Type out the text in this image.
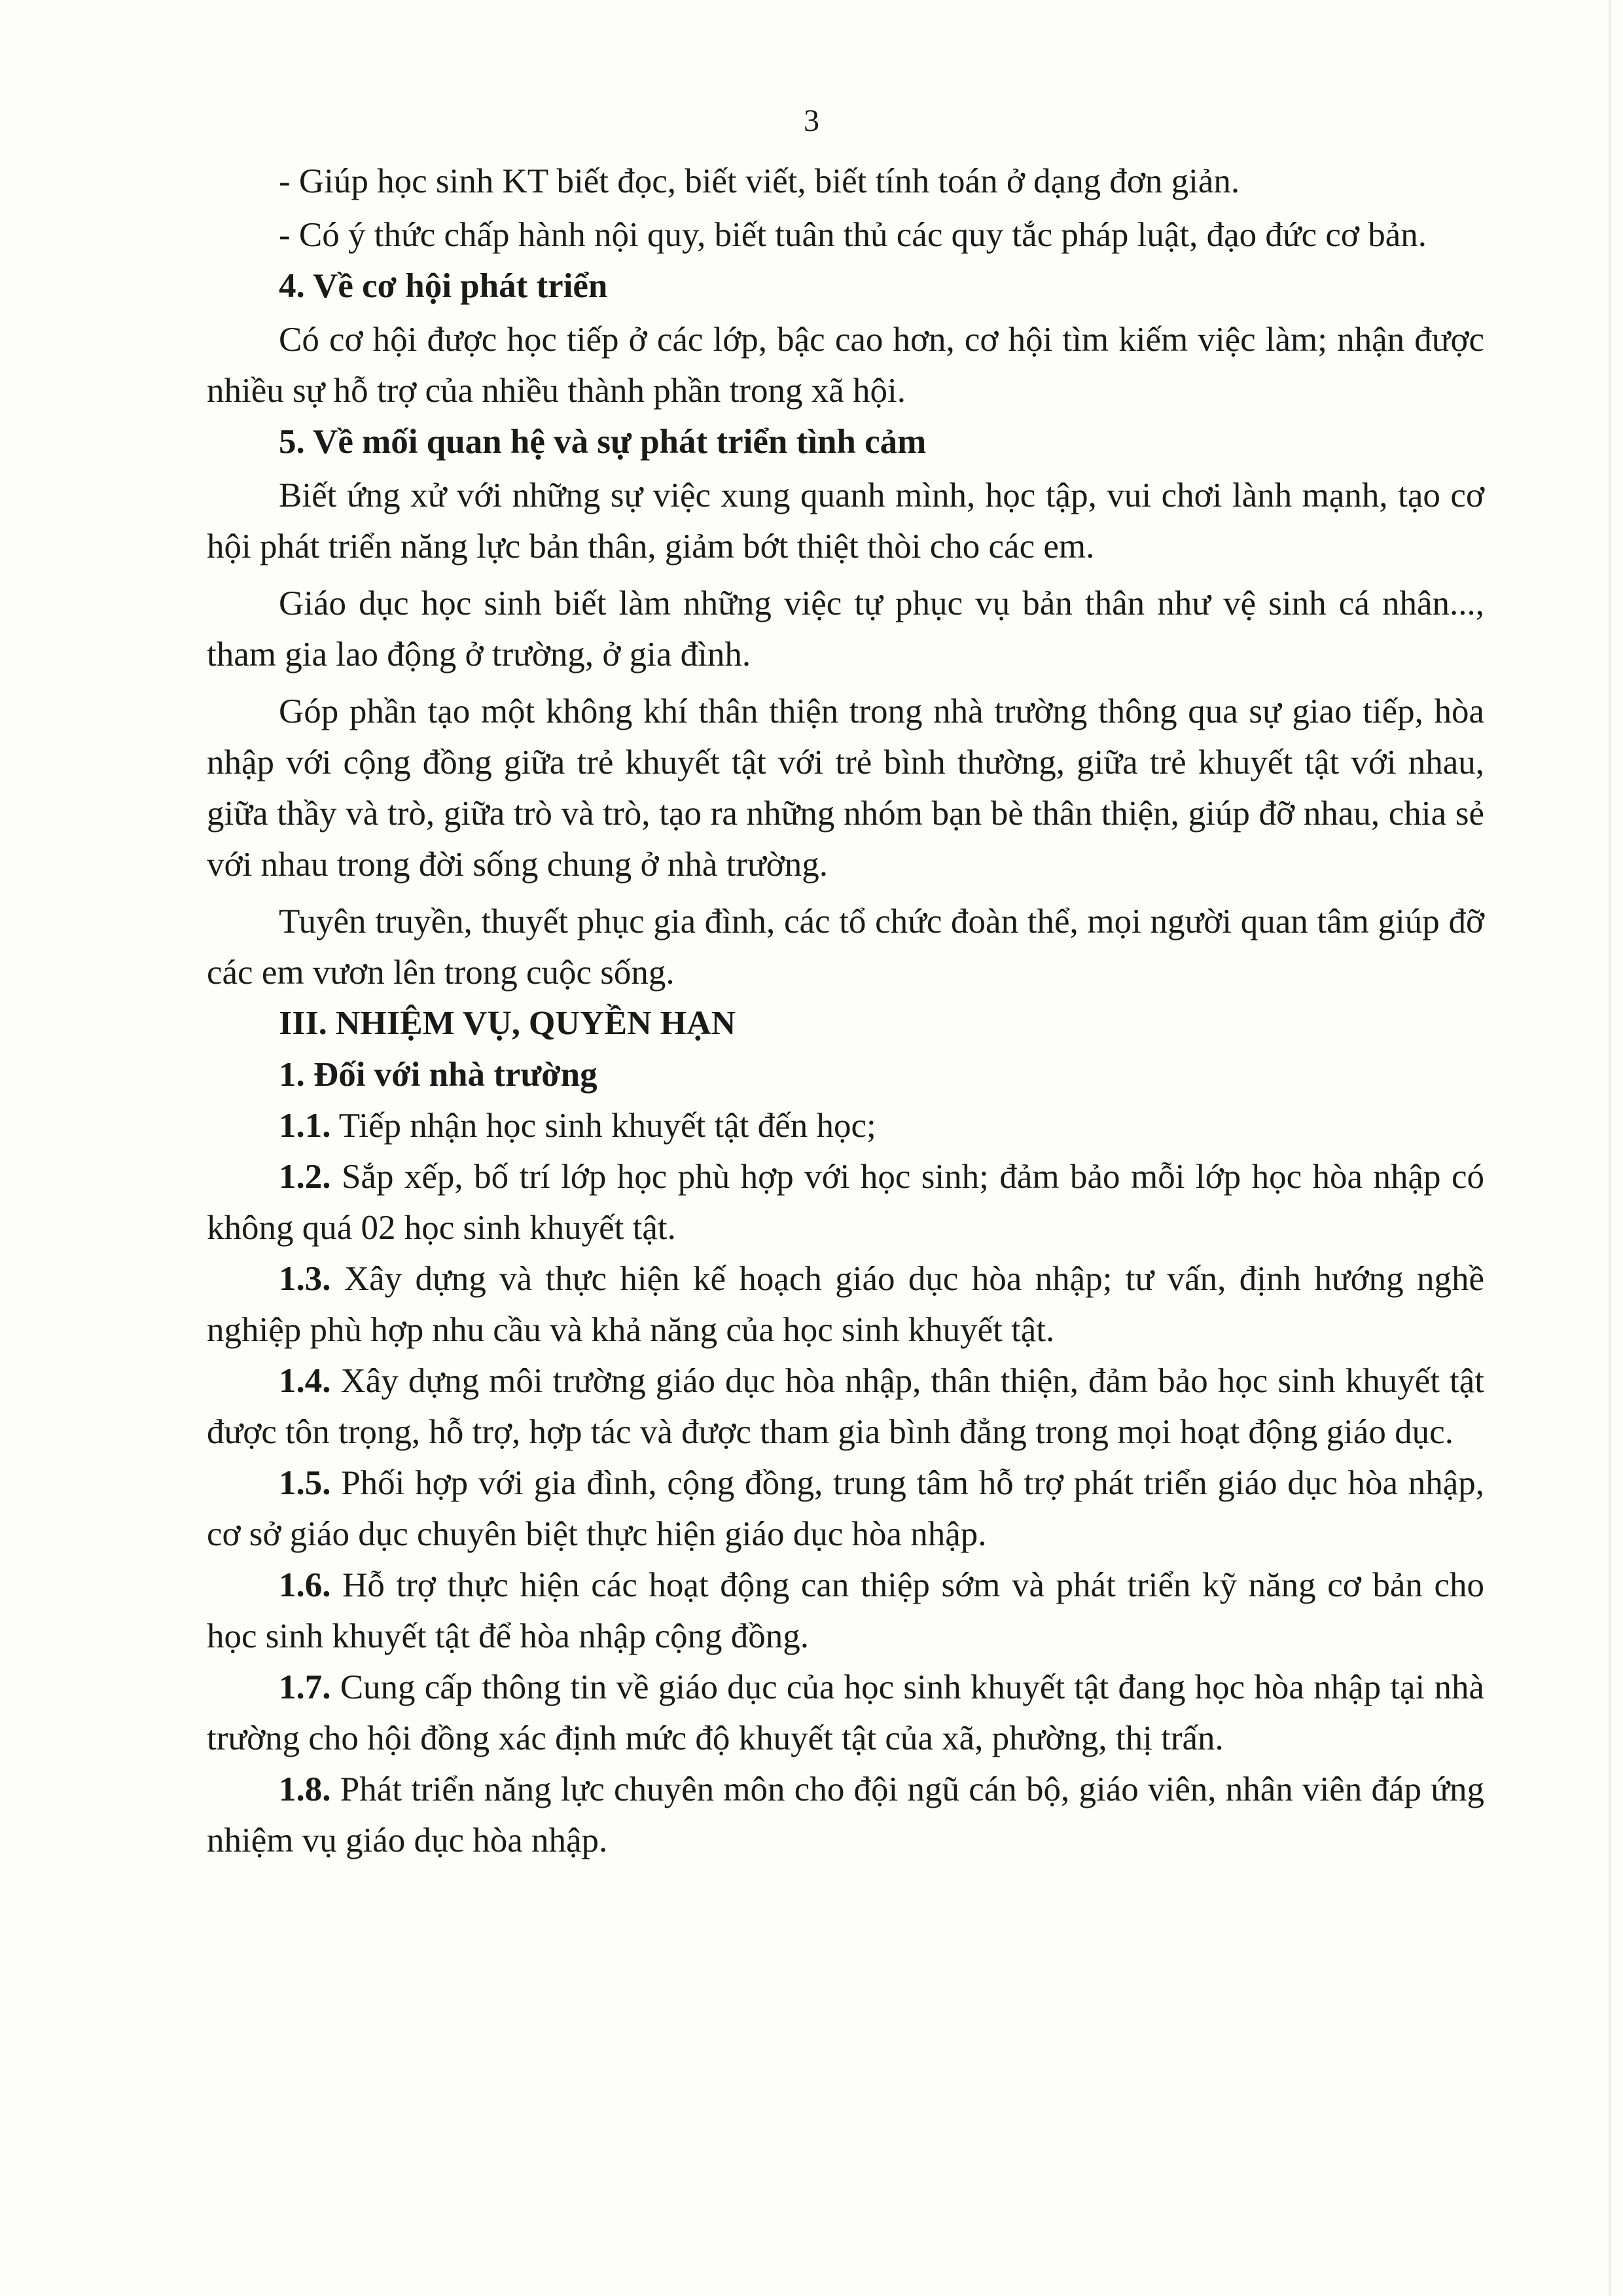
3

- Giúp học sinh KT biết đọc, biết viết, biết tính toán ở dạng đơn giản.

- Có ý thức chấp hành nội quy, biết tuân thủ các quy tắc pháp luật, đạo đức cơ bản.

4. Về cơ hội phát triển

Có cơ hội được học tiếp ở các lớp, bậc cao hơn, cơ hội tìm kiếm việc làm; nhận được nhiều sự hỗ trợ của nhiều thành phần trong xã hội.

5. Về mối quan hệ và sự phát triển tình cảm

Biết ứng xử với những sự việc xung quanh mình, học tập, vui chơi lành mạnh, tạo cơ hội phát triển năng lực bản thân, giảm bớt thiệt thòi cho các em.

Giáo dục học sinh biết làm những việc tự phục vụ bản thân như vệ sinh cá nhân..., tham gia lao động ở trường, ở gia đình.

Góp phần tạo một không khí thân thiện trong nhà trường thông qua sự giao tiếp, hòa nhập với cộng đồng giữa trẻ khuyết tật với trẻ bình thường, giữa trẻ khuyết tật với nhau, giữa thầy và trò, giữa trò và trò, tạo ra những nhóm bạn bè thân thiện, giúp đỡ nhau, chia sẻ với nhau trong đời sống chung ở nhà trường.

Tuyên truyền, thuyết phục gia đình, các tổ chức đoàn thể, mọi người quan tâm giúp đỡ các em vươn lên trong cuộc sống.

III. NHIỆM VỤ, QUYỀN HẠN

1. Đối với nhà trường

1.1. Tiếp nhận học sinh khuyết tật đến học;

1.2. Sắp xếp, bố trí lớp học phù hợp với học sinh; đảm bảo mỗi lớp học hòa nhập có không quá 02 học sinh khuyết tật.

1.3. Xây dựng và thực hiện kế hoạch giáo dục hòa nhập; tư vấn, định hướng nghề nghiệp phù hợp nhu cầu và khả năng của học sinh khuyết tật.

1.4. Xây dựng môi trường giáo dục hòa nhập, thân thiện, đảm bảo học sinh khuyết tật được tôn trọng, hỗ trợ, hợp tác và được tham gia bình đẳng trong mọi hoạt động giáo dục.

1.5. Phối hợp với gia đình, cộng đồng, trung tâm hỗ trợ phát triển giáo dục hòa nhập, cơ sở giáo dục chuyên biệt thực hiện giáo dục hòa nhập.

1.6. Hỗ trợ thực hiện các hoạt động can thiệp sớm và phát triển kỹ năng cơ bản cho học sinh khuyết tật để hòa nhập cộng đồng.

1.7. Cung cấp thông tin về giáo dục của học sinh khuyết tật đang học hòa nhập tại nhà trường cho hội đồng xác định mức độ khuyết tật của xã, phường, thị trấn.

1.8. Phát triển năng lực chuyên môn cho đội ngũ cán bộ, giáo viên, nhân viên đáp ứng nhiệm vụ giáo dục hòa nhập.
